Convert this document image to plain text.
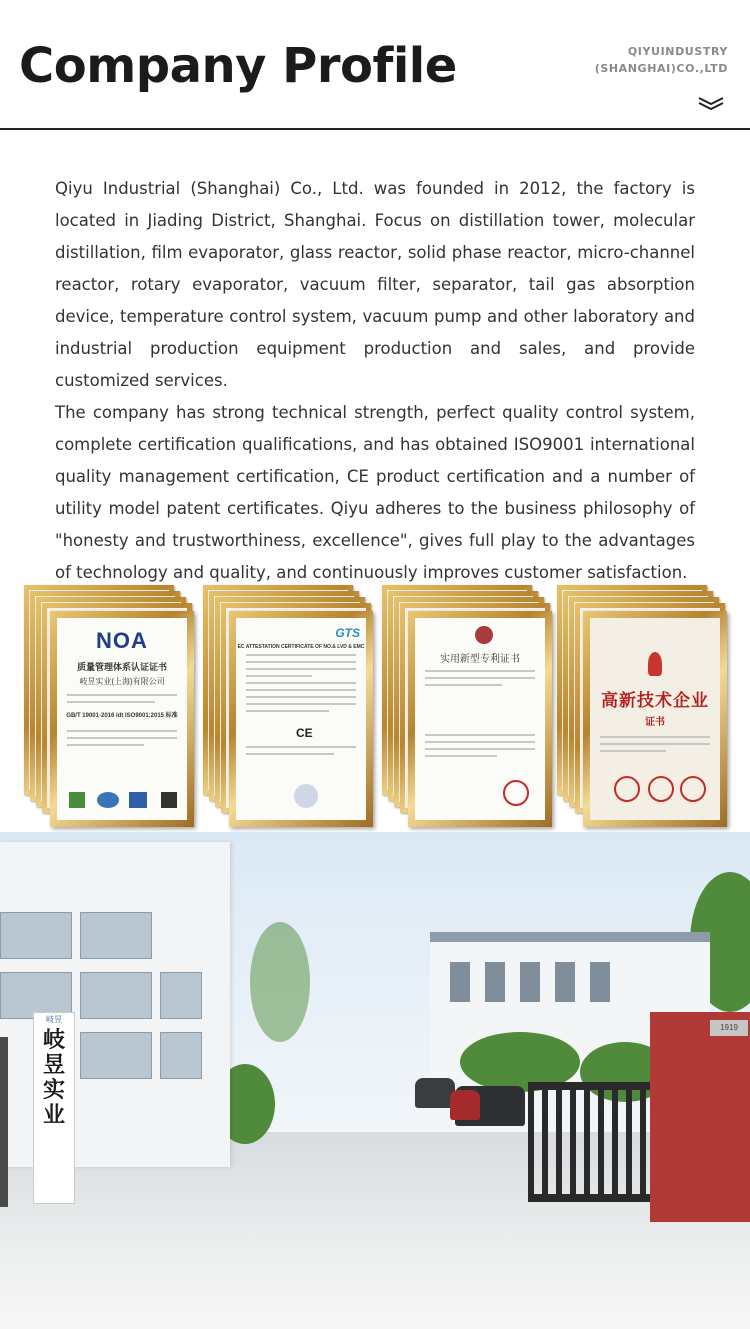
Company Profile	QIYUINDUSTRY
(SHANGHAI)CO.,LTD

Qiyu Industrial (Shanghai) Co., Ltd. was founded in 2012, the factory is located in Jiading District, Shanghai. Focus on distillation tower, molecular distillation, film evaporator, glass reactor, solid phase reactor, micro-channel reactor, rotary evaporator, vacuum filter, separator, tail gas absorption device, temperature control system, vacuum pump and other laboratory and industrial production equipment production and sales, and provide customized services.

The company has strong technical strength, perfect quality control system, complete certification qualifications, and has obtained ISO9001 international quality management certification, CE product certification and a number of utility model patent certificates. Qiyu adheres to the business philosophy of "honesty and trustworthiness, excellence", gives full play to the advantages of technology and quality, and continuously improves customer satisfaction.

NOA
质量管理体系认证证书
岐昱实业(上海)有限公司
GB/T 19001-2016 idt ISO9001:2015 标准
GTS
EC ATTESTATION CERTIFICATE OF NO.& LVD & EMC
CE
实用新型专利证书
高新技术企业
证书
岐昱
岐
昱
实
业

1919
